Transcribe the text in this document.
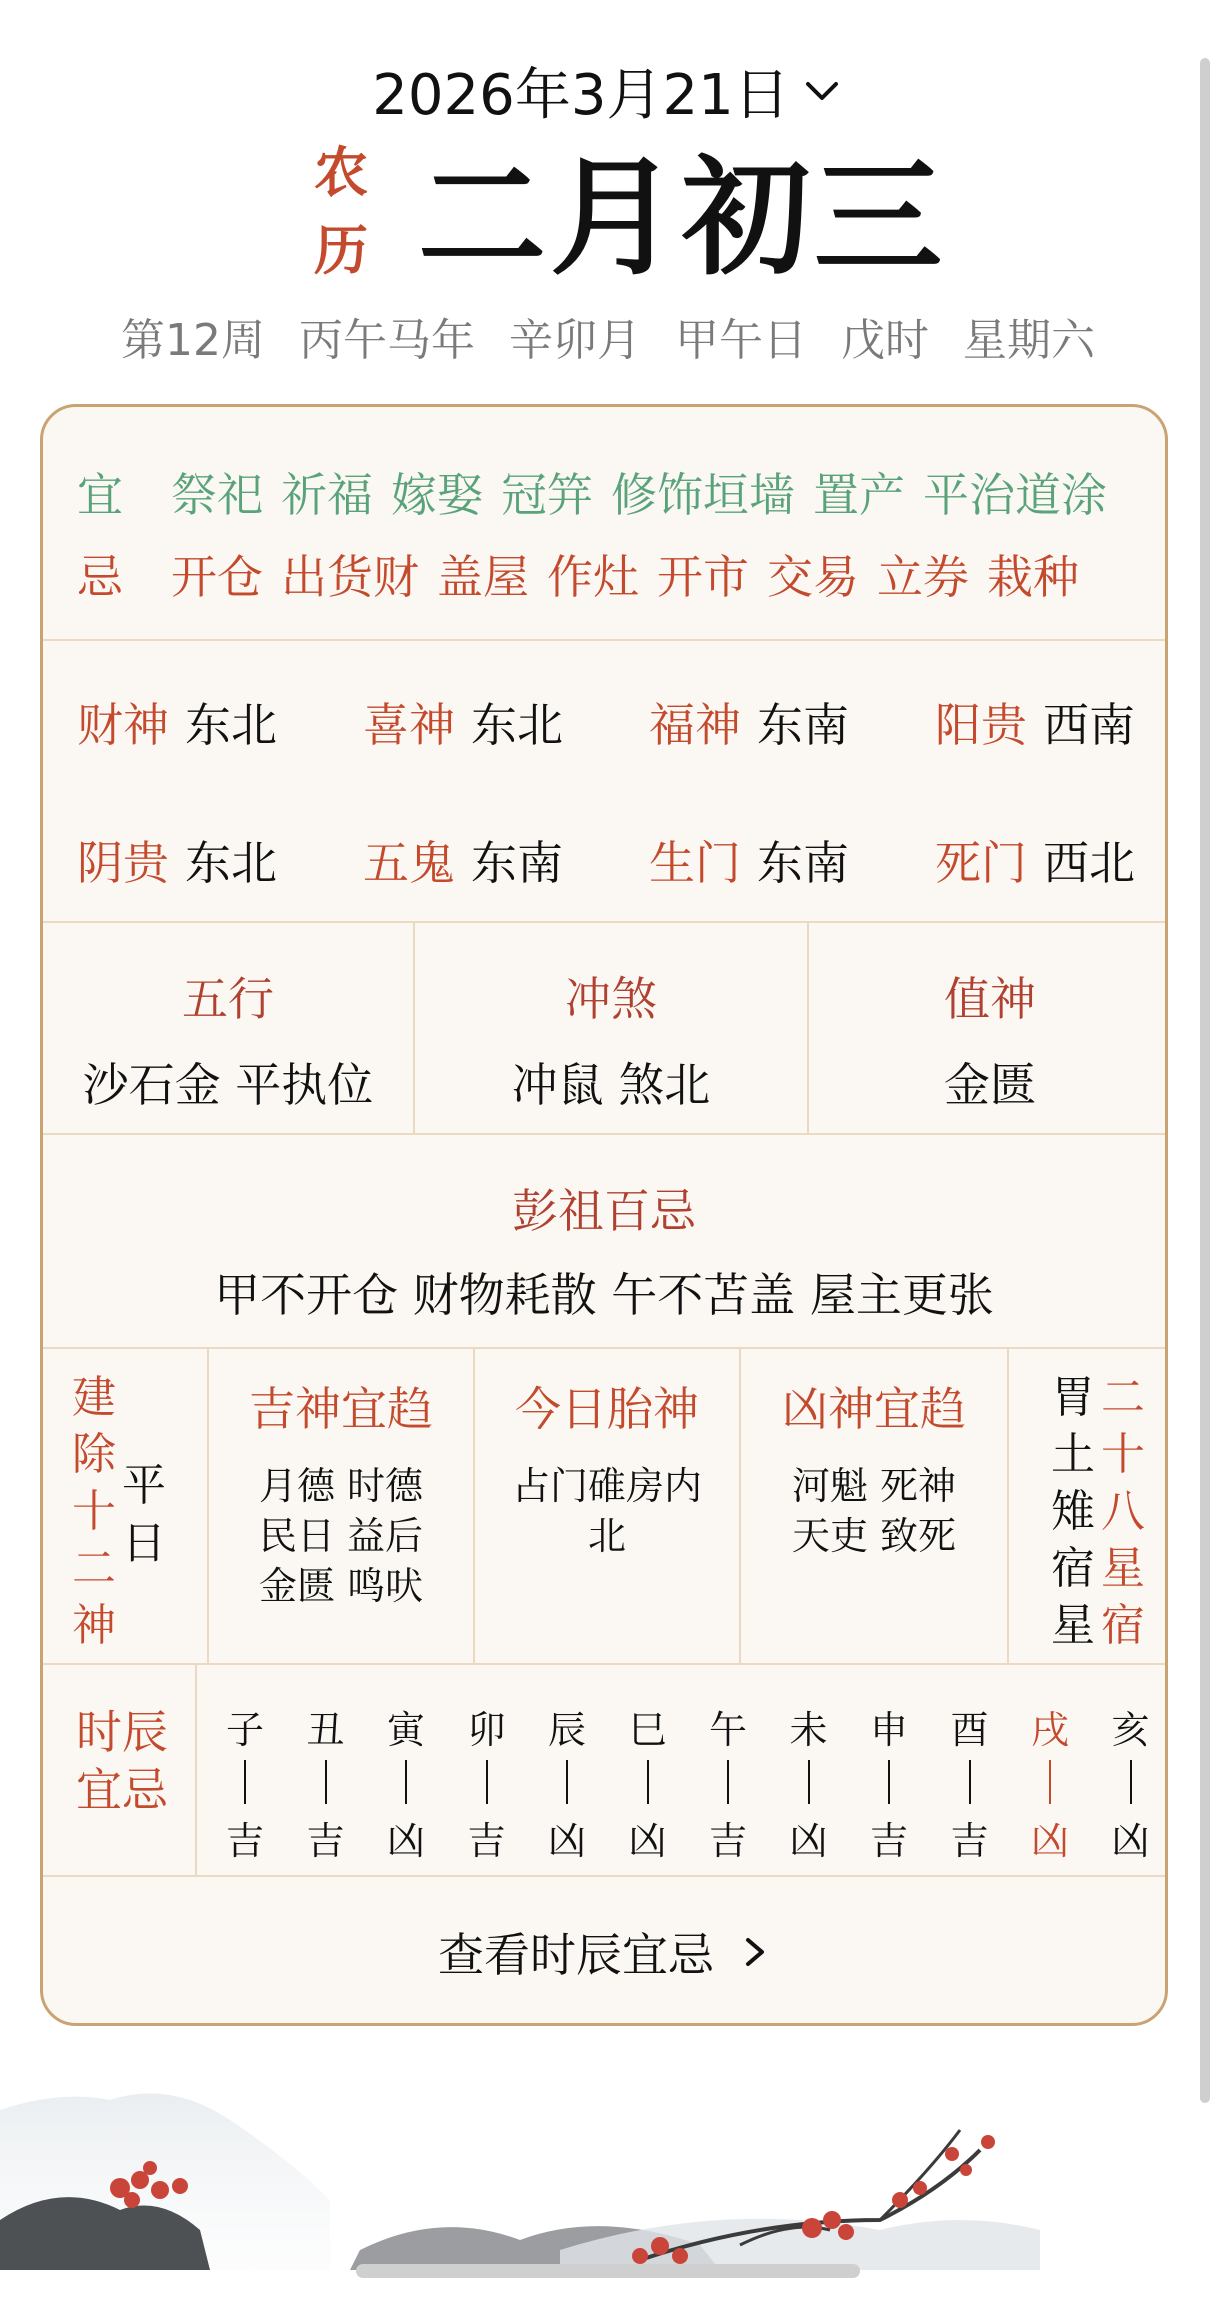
2026年3月21日
农
历 二月初三
第12周 丙午马年 辛卯月 甲午日 戊时 星期六
宜 祭祀 祈福 嫁娶 冠笄 修饰垣墙 置产 平治道涂
忌 开仓 出货财 盖屋 作灶 开市 交易 立券 栽种
财神 东北 喜神 东北 福神 东南 阳贵 西南
阴贵 东北 五鬼 东南 生门 东南 死门 西北
五行
沙石金 平执位
冲煞
冲鼠 煞北
值神
金匮
彭祖百忌
甲不开仓 财物耗散 午不苫盖 屋主更张
建
除
十
二
神
平
日
吉神宜趋
月德 时德
民日 益后
金匮 鸣吠
今日胎神
占门碓房内
北
凶神宜趋
河魁 死神
天吏 致死
胃
土
雉
宿
星
二
十
八
星
宿
时辰
宜忌
子
吉
丑
吉
寅
凶
卯
吉
辰
凶
巳
凶
午
吉
未
凶
申
吉
酉
吉
戌
凶
亥
凶
查看时辰宜忌
